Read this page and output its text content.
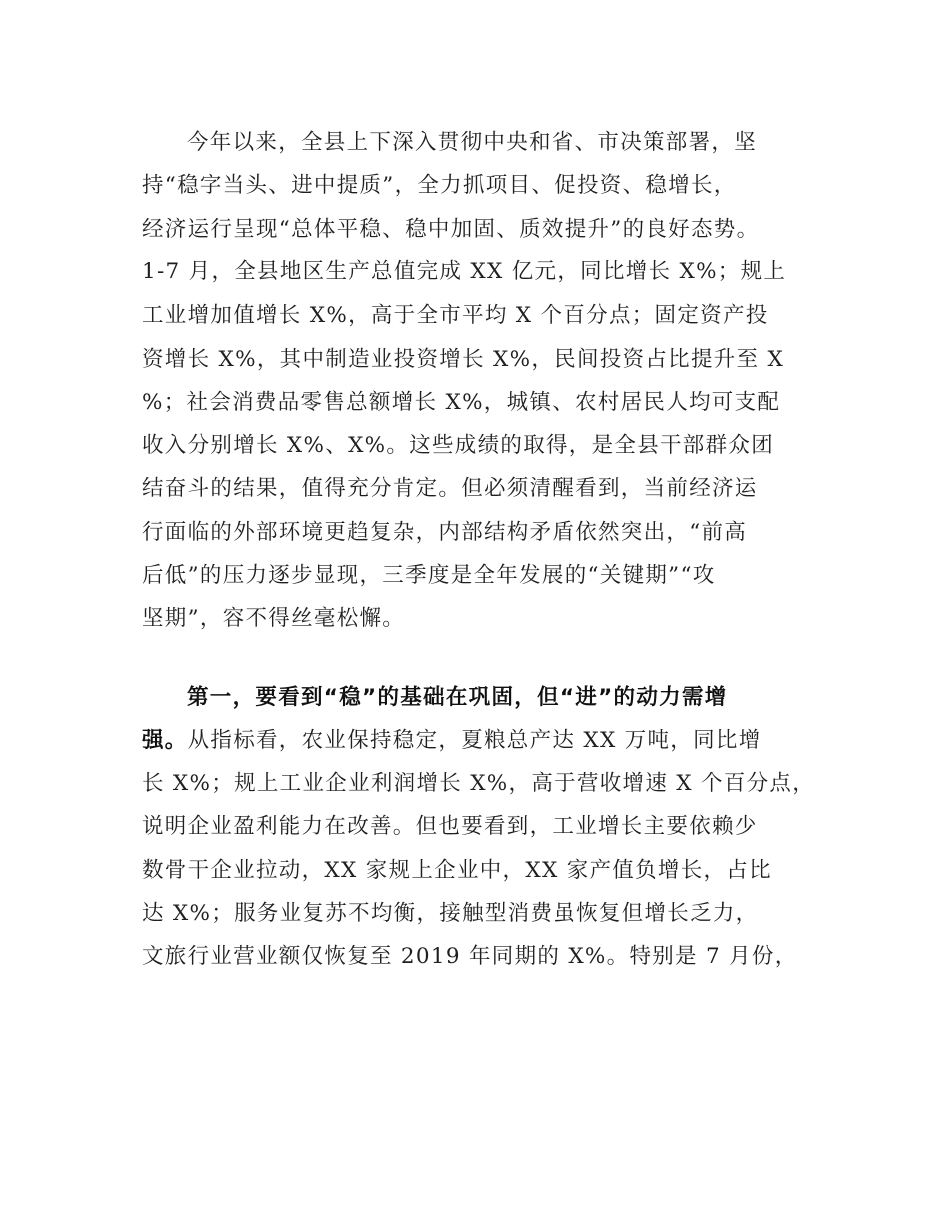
今年以来，全县上下深入贯彻中央和省、市决策部署，坚

持“稳字当头、进中提质”，全力抓项目、促投资、稳增长，

经济运行呈现“总体平稳、稳中加固、质效提升”的良好态势。

1-7 月，全县地区生产总值完成 XX 亿元，同比增长 X%；规上

工业增加值增长 X%，高于全市平均 X 个百分点；固定资产投

资增长 X%，其中制造业投资增长 X%，民间投资占比提升至 X

%；社会消费品零售总额增长 X%，城镇、农村居民人均可支配

收入分别增长 X%、X%。这些成绩的取得，是全县干部群众团

结奋斗的结果，值得充分肯定。但必须清醒看到，当前经济运

行面临的外部环境更趋复杂，内部结构矛盾依然突出，“前高

后低”的压力逐步显现，三季度是全年发展的“关键期”“攻

坚期”，容不得丝毫松懈。

第一，要看到“稳”的基础在巩固，但“进”的动力需增

强。从指标看，农业保持稳定，夏粮总产达 XX 万吨，同比增

长 X%；规上工业企业利润增长 X%，高于营收增速 X 个百分点，

说明企业盈利能力在改善。但也要看到，工业增长主要依赖少

数骨干企业拉动，XX 家规上企业中，XX 家产值负增长，占比

达 X%；服务业复苏不均衡，接触型消费虽恢复但增长乏力，

文旅行业营业额仅恢复至 2019 年同期的 X%。特别是 7 月份，
